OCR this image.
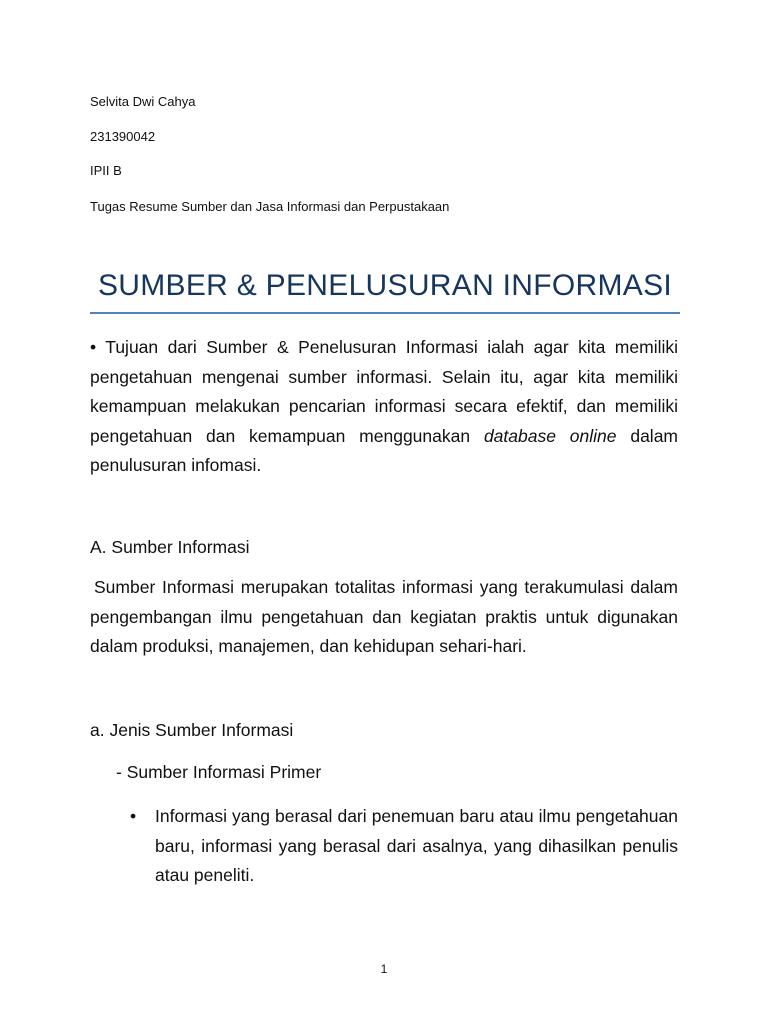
Selvita Dwi Cahya
231390042
IPII B
Tugas Resume Sumber dan Jasa Informasi dan Perpustakaan
SUMBER & PENELUSURAN INFORMASI
• Tujuan dari Sumber & Penelusuran Informasi ialah agar kita memiliki pengetahuan mengenai sumber informasi. Selain itu, agar kita memiliki kemampuan melakukan pencarian informasi secara efektif, dan memiliki pengetahuan dan kemampuan menggunakan database online dalam penulusuran infomasi.
A. Sumber Informasi
Sumber Informasi merupakan totalitas informasi yang terakumulasi dalam pengembangan ilmu pengetahuan dan kegiatan praktis untuk digunakan dalam produksi, manajemen, dan kehidupan sehari-hari.
a. Jenis Sumber Informasi
- Sumber Informasi Primer
•	Informasi yang berasal dari penemuan baru atau ilmu pengetahuan baru, informasi yang berasal dari asalnya, yang dihasilkan penulis atau peneliti.
1
